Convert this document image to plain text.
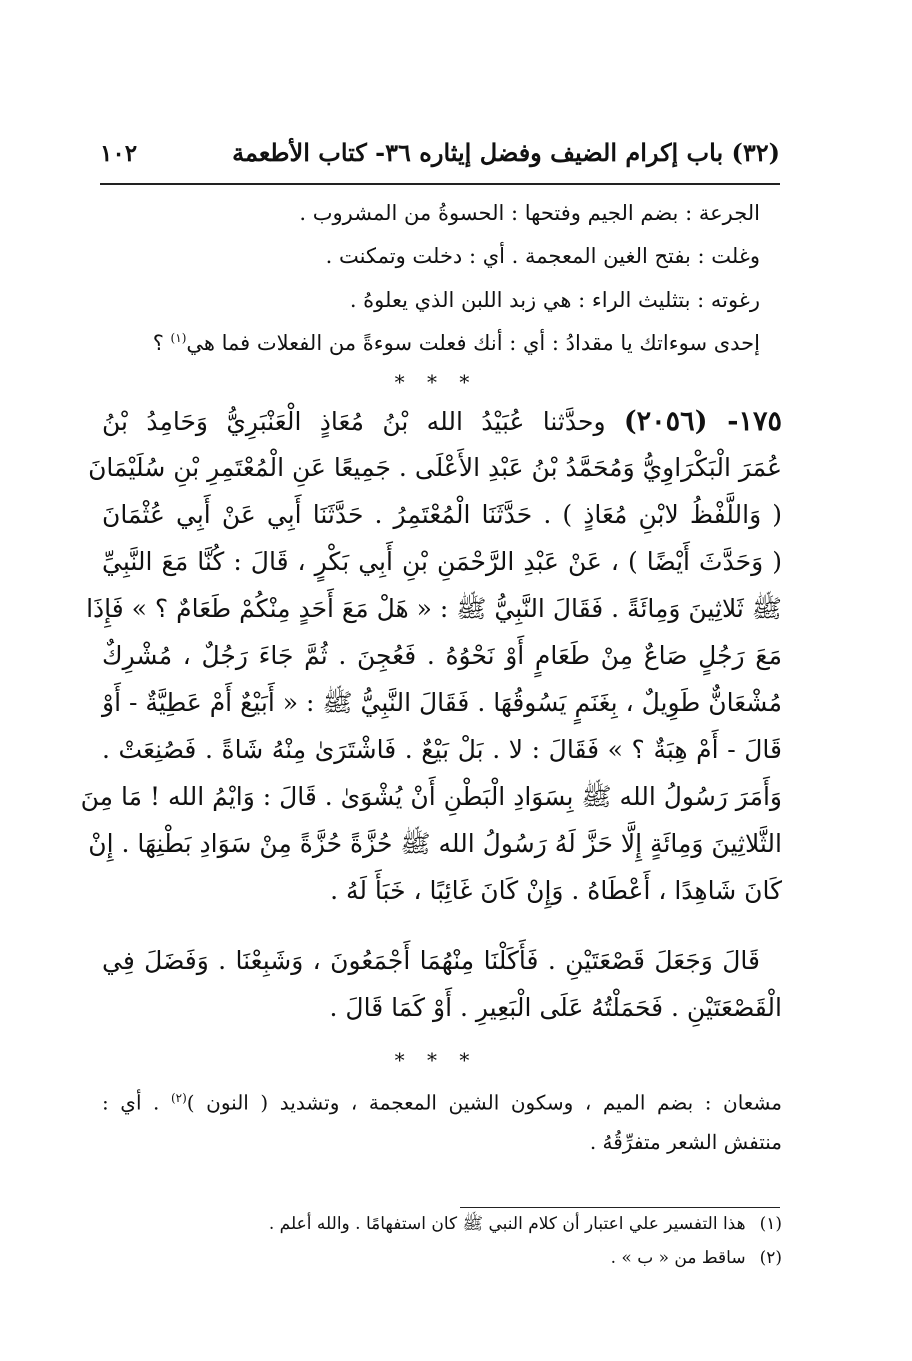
(٣٢) باب إكرام الضيف وفضل إيثاره ٣٦- كتاب الأطعمة
١٠٢
الجرعة : بضم الجيم وفتحها : الحسوةُ من المشروب .
وغلت : بفتح الغين المعجمة . أي : دخلت وتمكنت .
رغوته : بتثليث الراء : هي زبد اللبن الذي يعلوهُ .
إحدى سوءاتك يا مقدادُ : أي : أنك فعلت سوءةً من الفعلات فما هي$^{(١)}$ ؟
* * *
١٧٥- (٢٠٥٦) وحدَّثنا عُبَيْدُ الله بْنُ مُعَاذٍ الْعَنْبَرِيُّ وَحَامِدُ بْنُ
عُمَرَ الْبَكْرَاوِيُّ وَمُحَمَّدُ بْنُ عَبْدِ الأَعْلَى . جَمِيعًا عَنِ الْمُعْتَمِرِ بْنِ سُلَيْمَانَ
( وَاللَّفْظُ لابْنِ مُعَاذٍ ) . حَدَّثَنَا الْمُعْتَمِرُ . حَدَّثَنَا أَبِي عَنْ أَبِي عُثْمَانَ
( وَحَدَّثَ أَيْضًا ) ، عَنْ عَبْدِ الرَّحْمَنِ بْنِ أَبِي بَكْرٍ ، قَالَ : كُنَّا مَعَ النَّبِيِّ
ﷺ ثَلاثِينَ وَمِائَةً . فَقَالَ النَّبِيُّ ﷺ : « هَلْ مَعَ أَحَدٍ مِنْكُمْ طَعَامٌ ؟ » فَإِذَا
مَعَ رَجُلٍ صَاعٌ مِنْ طَعَامٍ أَوْ نَحْوُهُ . فَعُجِنَ . ثُمَّ جَاءَ رَجُلٌ ، مُشْرِكٌ
مُشْعَانٌّ طَوِيلٌ ، بِغَنَمٍ يَسُوقُهَا . فَقَالَ النَّبِيُّ ﷺ : « أَبَيْعٌ أَمْ عَطِيَّةٌ - أَوْ
قَالَ - أَمْ هِبَةٌ ؟ » فَقَالَ : لا . بَلْ بَيْعٌ . فَاشْتَرَىٰ مِنْهُ شَاةً . فَصُنِعَتْ .
وَأَمَرَ رَسُولُ الله ﷺ بِسَوَادِ الْبَطْنِ أَنْ يُشْوَىٰ . قَالَ : وَايْمُ الله ! مَا مِنَ
الثَّلاثِينَ وَمِائَةٍ إِلَّا حَزَّ لَهُ رَسُولُ الله ﷺ حُزَّةً حُزَّةً مِنْ سَوَادِ بَطْنِهَا . إِنْ
كَانَ شَاهِدًا ، أَعْطَاهُ . وَإِنْ كَانَ غَائِبًا ، خَبَأَ لَهُ .
قَالَ وَجَعَلَ قَصْعَتَيْنِ . فَأَكَلْنَا مِنْهُمَا أَجْمَعُونَ ، وَشَبِعْنَا . وَفَضَلَ فِي
الْقَصْعَتَيْنِ . فَحَمَلْتُهُ عَلَى الْبَعِيرِ . أَوْ كَمَا قَالَ .
* * *
مشعان : بضم الميم ، وسكون الشين المعجمة ، وتشديد ( النون )$^{(٢)}$ . أي :
منتفش الشعر متفرِّقُهُ .
(١)هذا التفسير علي اعتبار أن كلام النبي ﷺ كان استفهامًا . والله أعلم .
(٢)ساقط من « ب » .
